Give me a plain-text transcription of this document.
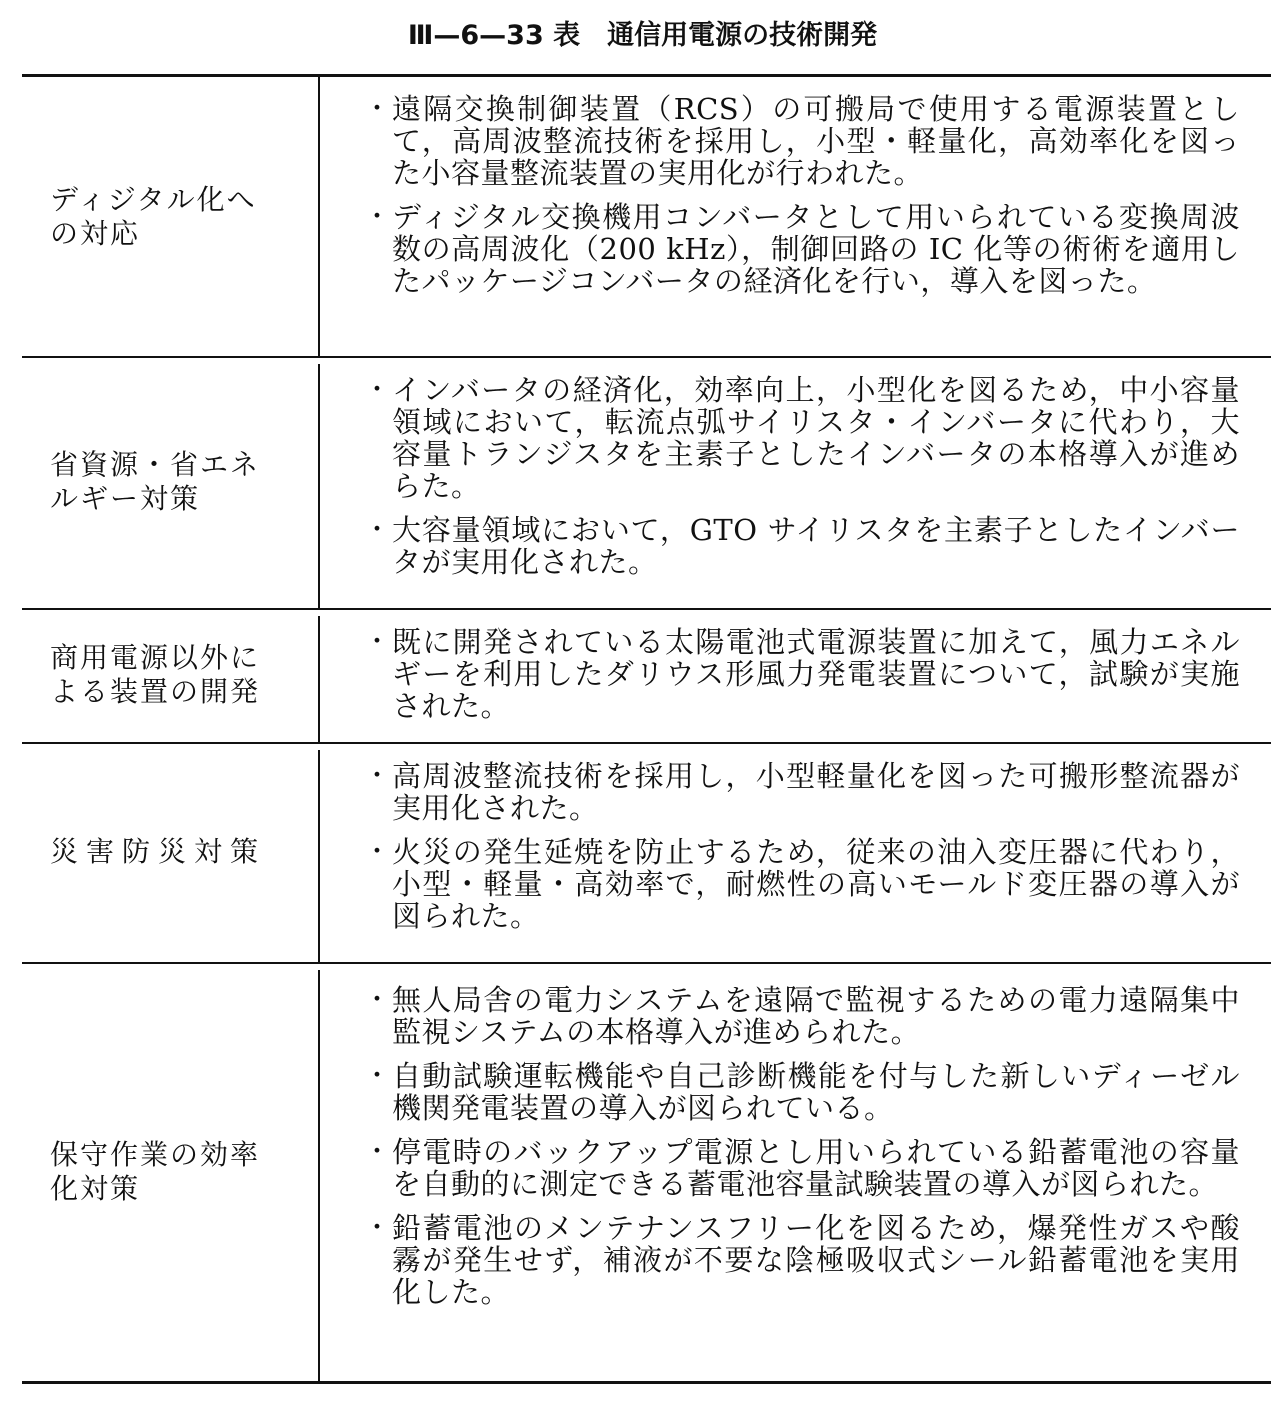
Ⅲ—6—33 表　通信用電源の技術開発
ディジタル化へ
の対応
・ 遠隔交換制御装置（RCS）の可搬局で使用する電源装置として，高周波整流技術を採用し，小型・軽量化，高効率化を図った小容量整流装置の実用化が行われた。
・ ディジタル交換機用コンバータとして用いられている変換周波数の高周波化（200 kHz），制御回路の IC 化等の術術を適用したパッケージコンバータの経済化を行い，導入を図った。
省資源・省エネ
ルギー対策
・ インバータの経済化，効率向上，小型化を図るため，中小容量領域において，転流点弧サイリスタ・インバータに代わり，大容量トランジスタを主素子としたインバータの本格導入が進めらた。
・ 大容量領域において，GTO サイリスタを主素子としたインバータが実用化された。
商用電源以外に
よる装置の開発
・ 既に開発されている太陽電池式電源装置に加えて，風力エネルギーを利用したダリウス形風力発電装置について，試験が実施された。
災害防災対策
・ 高周波整流技術を採用し，小型軽量化を図った可搬形整流器が実用化された。
・ 火災の発生延焼を防止するため，従来の油入変圧器に代わり，小型・軽量・高効率で，耐燃性の高いモールド変圧器の導入が図られた。
保守作業の効率
化対策
・ 無人局舎の電力システムを遠隔で監視するための電力遠隔集中監視システムの本格導入が進められた。
・ 自動試験運転機能や自己診断機能を付与した新しいディーゼル機関発電装置の導入が図られている。
・ 停電時のバックアップ電源とし用いられている鉛蓄電池の容量を自動的に測定できる蓄電池容量試験装置の導入が図られた。
・ 鉛蓄電池のメンテナンスフリー化を図るため，爆発性ガスや酸霧が発生せず，補液が不要な陰極吸収式シール鉛蓄電池を実用化した。
